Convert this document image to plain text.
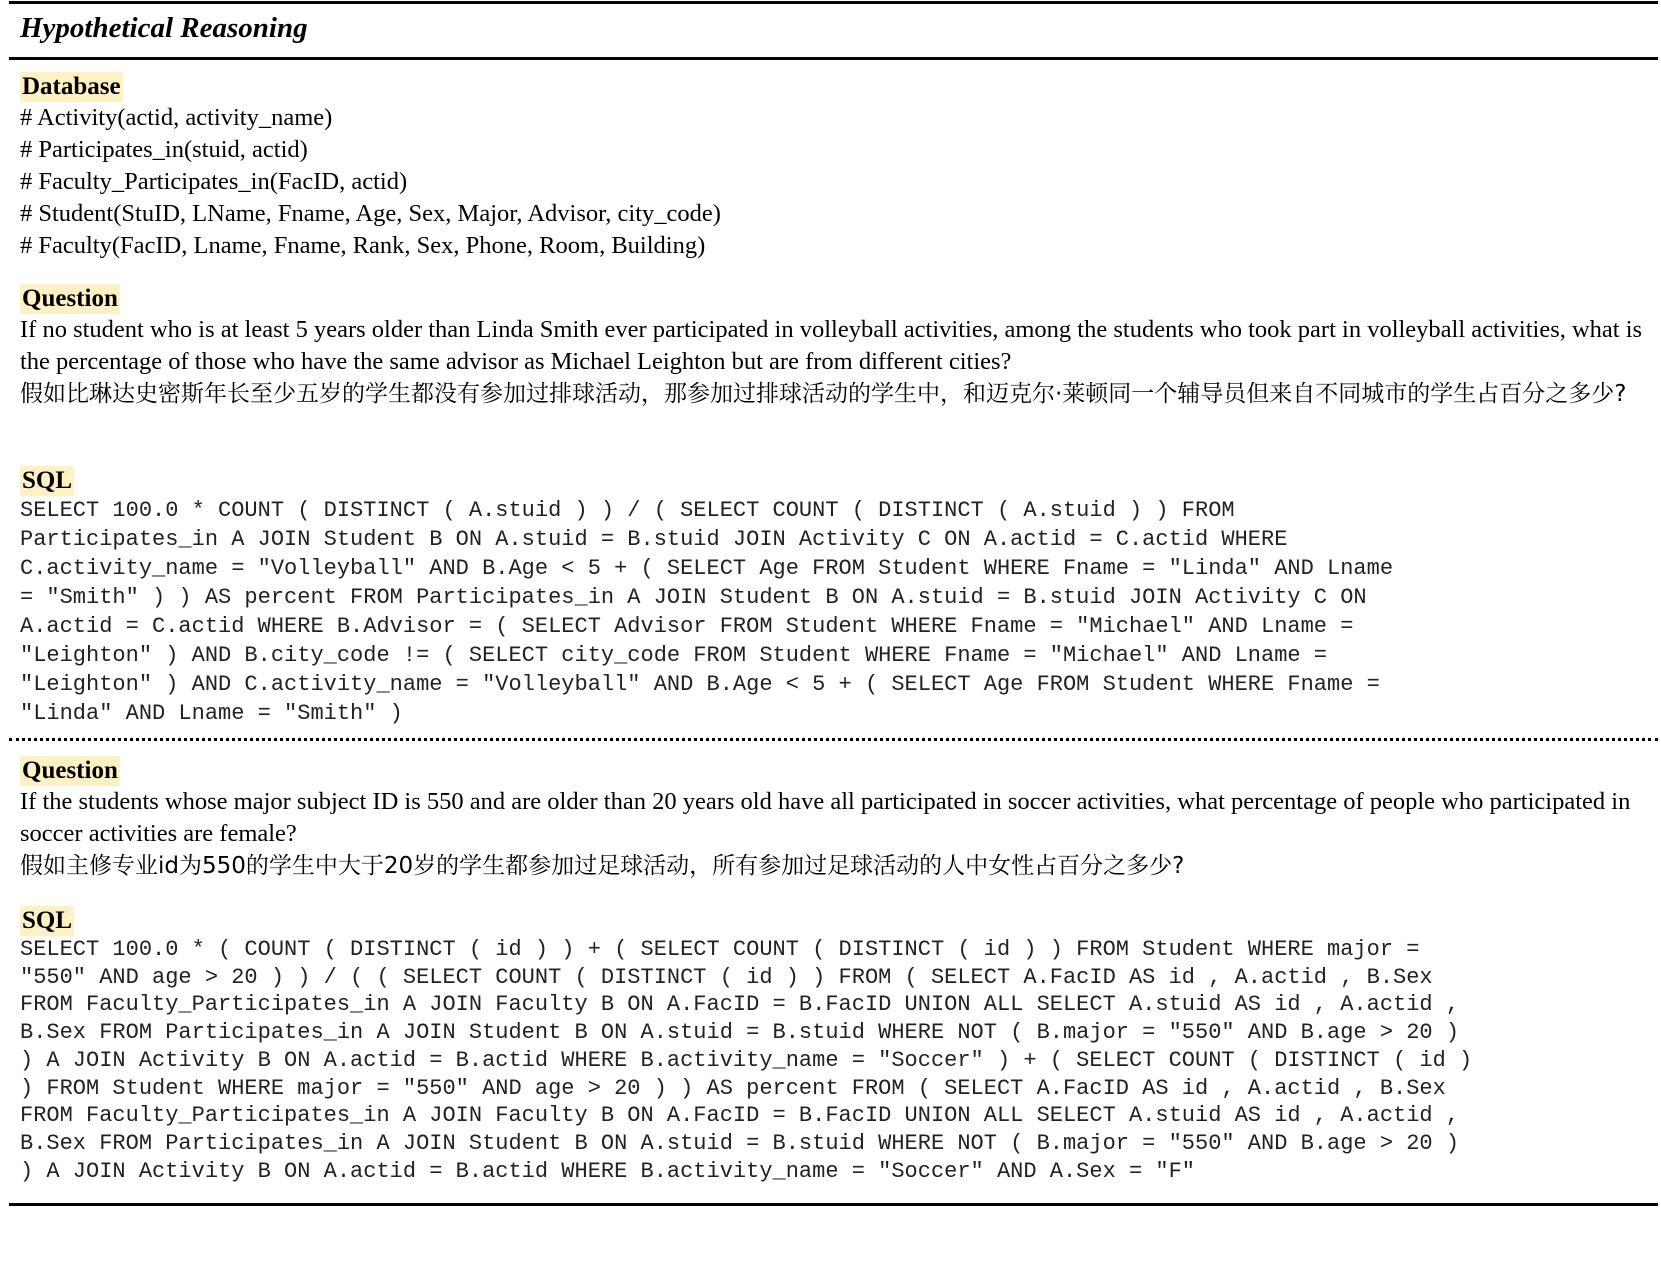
Hypothetical Reasoning
Database
# Activity(actid, activity_name)
# Participates_in(stuid, actid)
# Faculty_Participates_in(FacID, actid)
# Student(StuID, LName, Fname, Age, Sex, Major, Advisor, city_code)
# Faculty(FacID, Lname, Fname, Rank, Sex, Phone, Room, Building)
Question
If no student who is at least 5 years older than Linda Smith ever participated in volleyball activities, among the students who took part in volleyball activities, what is the percentage of those who have the same advisor as Michael Leighton but are from different cities?
假如比琳达史密斯年长至少五岁的学生都没有参加过排球活动，那参加过排球活动的学生中，和迈克尔·莱顿同一个辅导员但来自不同城市的学生占百分之多少?
SQL
SELECT 100.0 * COUNT ( DISTINCT ( A.stuid ) ) / ( SELECT COUNT ( DISTINCT ( A.stuid ) ) FROM
Participates_in A JOIN Student B ON A.stuid = B.stuid JOIN Activity C ON A.actid = C.actid WHERE
C.activity_name = "Volleyball" AND B.Age < 5 + ( SELECT Age FROM Student WHERE Fname = "Linda" AND Lname
= "Smith" ) ) AS percent FROM Participates_in A JOIN Student B ON A.stuid = B.stuid JOIN Activity C ON
A.actid = C.actid WHERE B.Advisor = ( SELECT Advisor FROM Student WHERE Fname = "Michael" AND Lname =
"Leighton" ) AND B.city_code != ( SELECT city_code FROM Student WHERE Fname = "Michael" AND Lname =
"Leighton" ) AND C.activity_name = "Volleyball" AND B.Age < 5 + ( SELECT Age FROM Student WHERE Fname =
"Linda" AND Lname = "Smith" )
Question
If the students whose major subject ID is 550 and are older than 20 years old have all participated in soccer activities, what percentage of people who participated in soccer activities are female?
假如主修专业id为550的学生中大于20岁的学生都参加过足球活动，所有参加过足球活动的人中女性占百分之多少?
SQL
SELECT 100.0 * ( COUNT ( DISTINCT ( id ) ) + ( SELECT COUNT ( DISTINCT ( id ) ) FROM Student WHERE major =
"550" AND age > 20 ) ) / ( ( SELECT COUNT ( DISTINCT ( id ) ) FROM ( SELECT A.FacID AS id , A.actid , B.Sex
FROM Faculty_Participates_in A JOIN Faculty B ON A.FacID = B.FacID UNION ALL SELECT A.stuid AS id , A.actid ,
B.Sex FROM Participates_in A JOIN Student B ON A.stuid = B.stuid WHERE NOT ( B.major = "550" AND B.age > 20 )
) A JOIN Activity B ON A.actid = B.actid WHERE B.activity_name = "Soccer" ) + ( SELECT COUNT ( DISTINCT ( id )
) FROM Student WHERE major = "550" AND age > 20 ) ) AS percent FROM ( SELECT A.FacID AS id , A.actid , B.Sex
FROM Faculty_Participates_in A JOIN Faculty B ON A.FacID = B.FacID UNION ALL SELECT A.stuid AS id , A.actid ,
B.Sex FROM Participates_in A JOIN Student B ON A.stuid = B.stuid WHERE NOT ( B.major = "550" AND B.age > 20 )
) A JOIN Activity B ON A.actid = B.actid WHERE B.activity_name = "Soccer" AND A.Sex = "F"
